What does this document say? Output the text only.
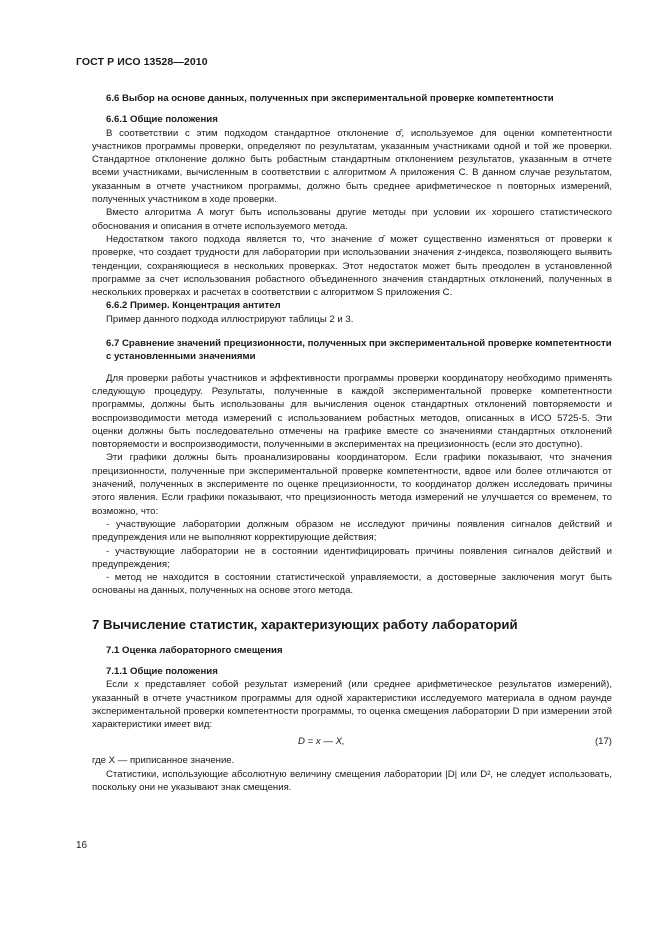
ГОСТ Р ИСО 13528—2010
6.6 Выбор на основе данных, полученных при экспериментальной проверке компетентности
6.6.1 Общие положения

В соответствии с этим подходом стандартное отклонение σ̂, используемое для оценки компетентности участников программы проверки, определяют по результатам, указанным участниками одной и той же проверки. Стандартное отклонение должно быть робастным стандартным отклонением результатов, указанным в отчете всеми участниками, вычисленным в соответствии с алгоритмом А приложения С. В данном случае результатом, указанным в отчете участником программы, должно быть среднее арифметическое n повторных измерений, полученных участником в ходе проверки.

Вместо алгоритма А могут быть использованы другие методы при условии их хорошего статистического обоснования и описания в отчете используемого метода.

Недостатком такого подхода является то, что значение σ̂ может существенно изменяться от проверки к проверке, что создает трудности для лаборатории при использовании значения z-индекса, позволяющего выявить тенденции, сохраняющиеся в нескольких проверках. Этот недостаток может быть преодолен в установленной программе за счет использования робастного объединенного значения стандартных отклонений, полученных в нескольких проверках и расчетах в соответствии с алгоритмом S приложения С.

6.6.2 Пример. Концентрация антител

Пример данного подхода иллюстрируют таблицы 2 и 3.

6.7 Сравнение значений прецизионности, полученных при экспериментальной проверке компетентности с установленными значениями

Для проверки работы участников и эффективности программы проверки координатору необходимо применять следующую процедуру. Результаты, полученные в каждой экспериментальной проверке компетентности программы, должны быть использованы для вычисления оценок стандартных отклонений повторяемости и воспроизводимости метода измерений с использованием робастных методов, описанных в ИСО 5725-5. Эти оценки должны быть последовательно отмечены на графике вместе со значениями стандартных отклонений повторяемости и воспроизводимости, полученными в экспериментах на прецизионность (если это доступно).

Эти графики должны быть проанализированы координатором. Если графики показывают, что значения прецизионности, полученные при экспериментальной проверке компетентности, вдвое или более отличаются от значений, полученных в эксперименте по оценке прецизионности, то координатор должен исследовать причины этого явления. Если графики показывают, что прецизионность метода измерений не улучшается со временем, то возможно, что:

- участвующие лаборатории должным образом не исследуют причины появления сигналов действий и предупреждения или не выполняют корректирующие действия;

- участвующие лаборатории не в состоянии идентифицировать причины появления сигналов действий и предупреждения;

- метод не находится в состоянии статистической управляемости, а достоверные заключения могут быть основаны на данных, полученных на основе этого метода.

7 Вычисление статистик, характеризующих работу лабораторий
7.1 Оценка лабораторного смещения
7.1.1 Общие положения

Если x представляет собой результат измерений (или среднее арифметическое результатов измерений), указанный в отчете участником программы для одной характеристики исследуемого материала в одном раунде экспериментальной проверки компетентности программы, то оценка смещения лаборатории D при измерении этой характеристики имеет вид:

D = x — X,	(17)

где X — приписанное значение.

Статистики, использующие абсолютную величину смещения лаборатории |D| или D², не следует использовать, поскольку они не указывают знак смещения.

16
